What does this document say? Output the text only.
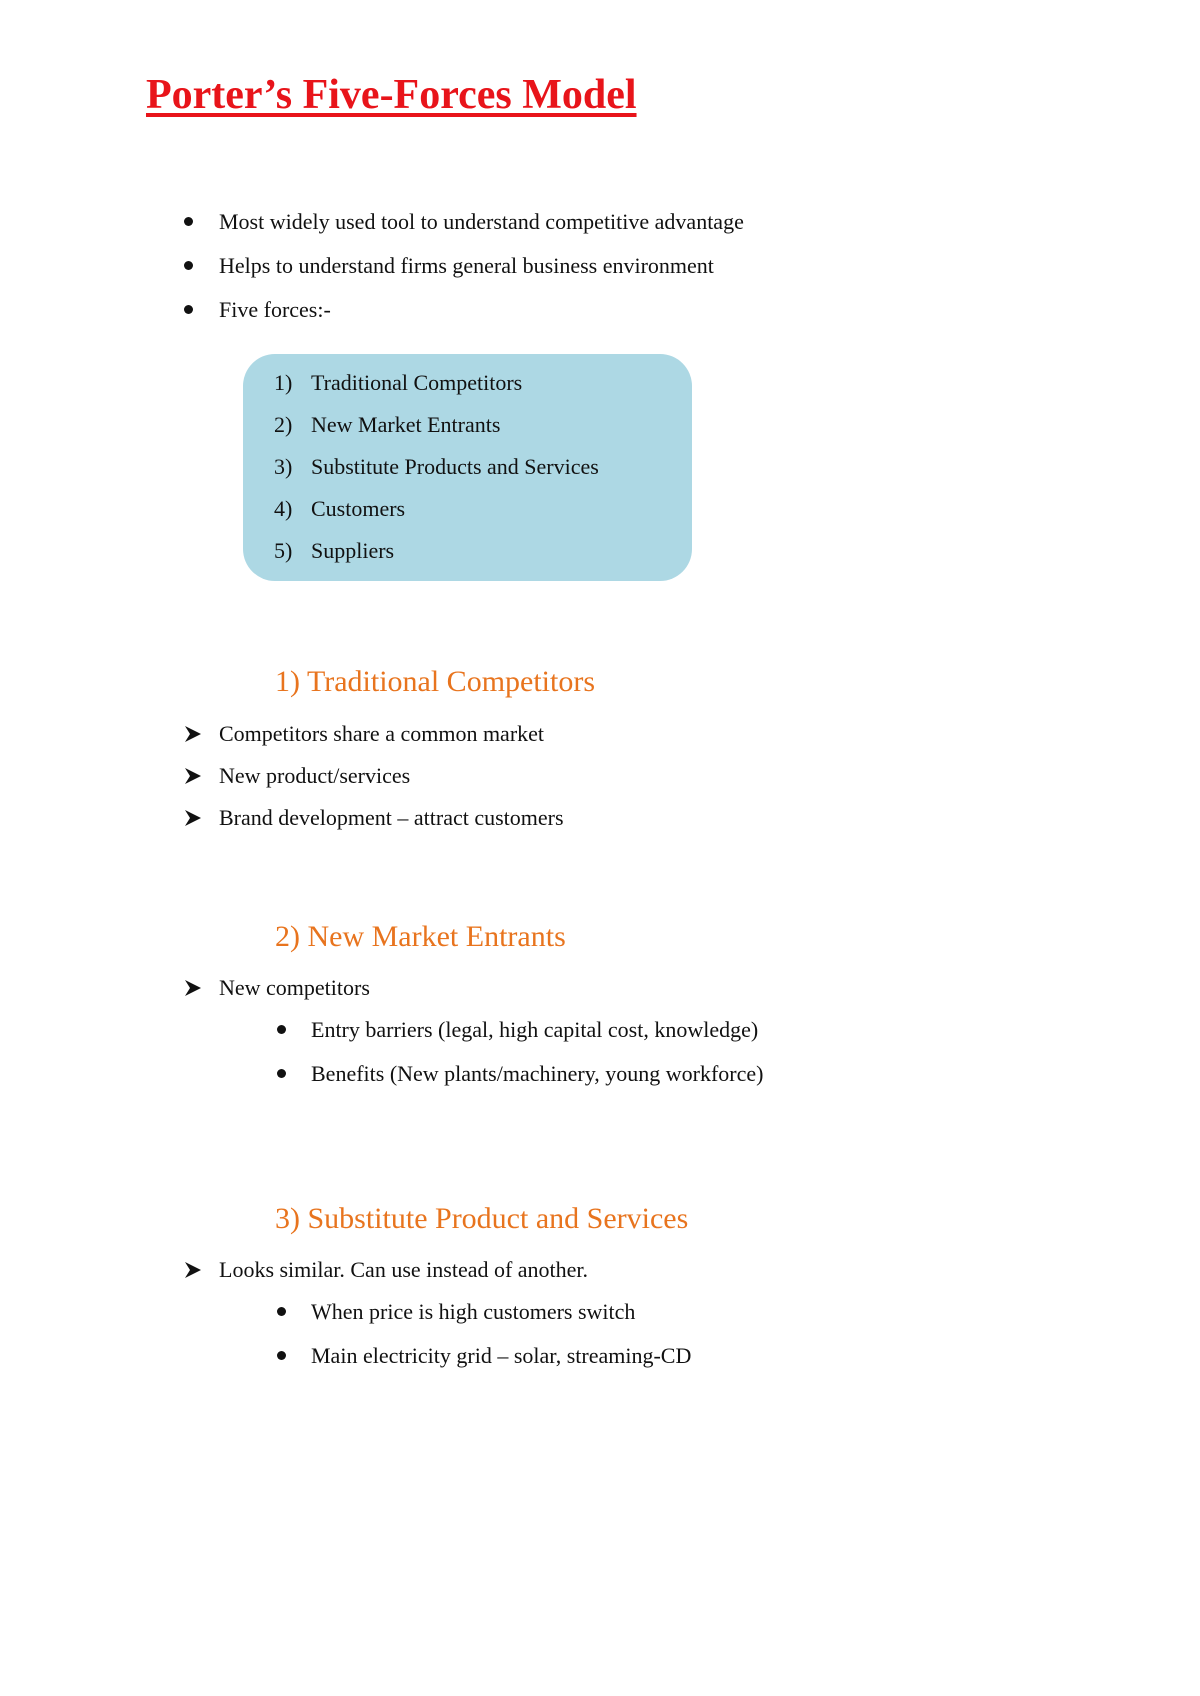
Porter’s Five-Forces Model
Most widely used tool to understand competitive advantage
Helps to understand firms general business environment
Five forces:-
1) Traditional Competitors
2) New Market Entrants
3) Substitute Products and Services
4) Customers
5) Suppliers
1) Traditional Competitors
Competitors share a common market
New product/services
Brand development – attract customers
2) New Market Entrants
New competitors
Entry barriers (legal, high capital cost, knowledge)
Benefits (New plants/machinery, young workforce)
3) Substitute Product and Services
Looks similar. Can use instead of another.
When price is high customers switch
Main electricity grid – solar, streaming-CD
